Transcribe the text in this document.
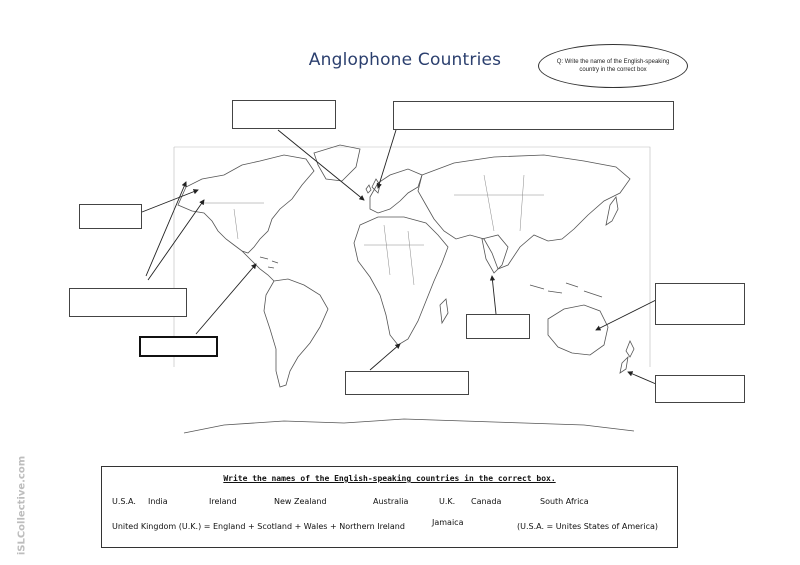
Anglophone Countries	Q: Write the name of the English-speaking country in the correct box
Write the names of the English-speaking countries in the correct box.
U.S.A. India	Ireland	New Zealand	Australia	U.K. Canada	South Africa
United Kingdom (U.K.) = England + Scotland + Wales + Northern Ireland	Jamaica	(U.S.A. = Unites States of America)
iSLCollective.com
